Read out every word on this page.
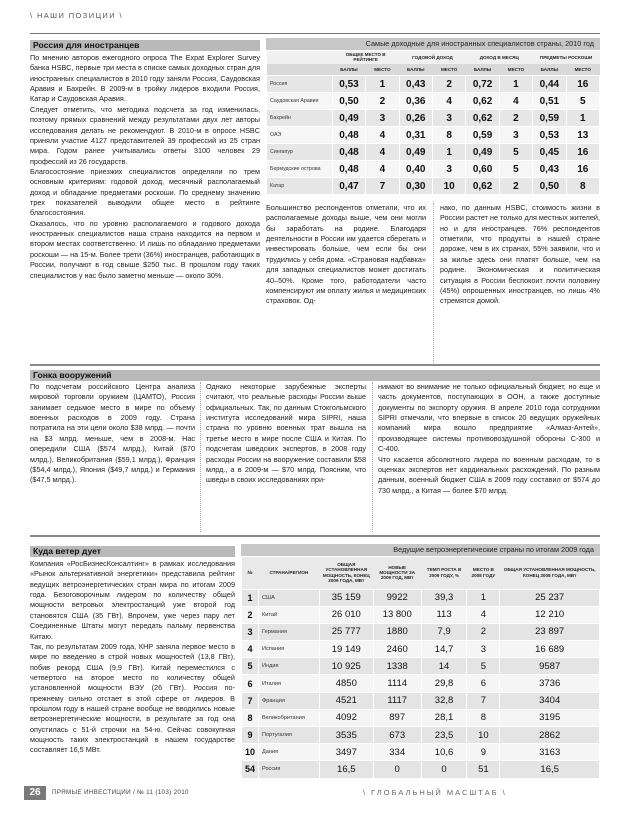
\ НАШИ ПОЗИЦИИ \
Россия для иностранцев

По мнению авторов ежегодного опроса The Expat Explorer Survey банка HSBC, первые три места в списке самых доходных стран для иностранных специалистов в 2010 году заняли Россия, Саудовская Аравия и Бахрейн. В 2009-м в тройку лидеров входили Россия, Катар и Саудовская Аравия.

Следует отметить, что методика подсчета за год изменилась, поэтому прямых сравнений между результатами двух лет авторы исследования делать не рекомендуют. В 2010-м в опросе HSBC приняли участие 4127 представителей 39 профессий из 25 стран мира. Годом ранее учитывались ответы 3100 человек 29 профессий из 26 государств.

Благосостояние приезжих специалистов определяли по трем основным критериям: годовой доход, месячный располагаемый доход и обладание предметами роскоши. По среднему значению трех показателей выводили общее место в рейтинге благосостояния.

Оказалось, что по уровню располагаемого и годового дохода иностранных специалистов наша страна находится на первом и втором местах соответственно. И лишь по обладанию предметами роскоши — на 15-м. Более трети (36%) иностранцев, работающих в России, получают в год свыше $250 тыс. В прошлом году таких специалистов у нас было заметно меньше — около 30%.

Самые доходные для иностранных специалистов страны, 2010 год
	ОБЩЕЕ МЕСТО В РЕЙТИНГЕ		ГОДОВОЙ ДОХОД		ДОХОД В МЕСЯЦ		ПРЕДМЕТЫ РОСКОШИ	
	БАЛЛЫ	МЕСТО	БАЛЛЫ	МЕСТО	БАЛЛЫ	МЕСТО	БАЛЛЫ	МЕСТО
Россия	0,53	1	0,43	2	0,72	1	0,44	16
Саудовская Аравия	0,50	2	0,36	4	0,62	4	0,51	5
Бахрейн	0,49	3	0,26	3	0,62	2	0,59	1
ОАЭ	0,48	4	0,31	8	0,59	3	0,53	13
Сингапур	0,48	4	0,49	1	0,49	5	0,45	16
Бермудские острова	0,48	4	0,40	3	0,60	5	0,43	16
Катар	0,47	7	0,30	10	0,62	2	0,50	8

Большинство респондентов отметили, что их располагаемые доходы выше, чем они могли бы заработать на родине. Благодаря деятельности в России им удается сберегать и инвестировать больше, чем если бы они трудились у себя дома. «Страновая надбавка» для западных специалистов может достигать 40–50%. Кроме того, работодатели часто компенсируют им оплату жилья и медицинских страховок. Од-

нако, по данным HSBC, стоимость жизни в России растет не только для местных жителей, но и для иностранцев. 76% респондентов отметили, что продукты в нашей стране дороже, чем в их странах, 55% заявили, что и за жилье здесь они платят больше, чем на родине. Экономическая и политическая ситуация в России беспокоит почти половину (45%) опрошенных иностранцев, но лишь 4% стремятся домой.

Гонка вооружений

По подсчетам российского Центра анализа мировой торговли оружием (ЦАМТО), Россия занимает седьмое место в мире по объему военных расходов в 2009 году. Страна потратила на эти цели около $38 млрд. — почти на $3 млрд. меньше, чем в 2008-м. Нас опередили США ($574 млрд.), Китай ($70 млрд.), Великобритания ($59,1 млрд.), Франция ($54,4 млрд.), Япония ($49,7 млрд.) и Германия ($47,5 млрд.).

Однако некоторые зарубежные эксперты считают, что реальные расходы России выше официальных. Так, по данным Стокгольмского института исследований мира SIPRI, наша страна по уровню военных трат вышла на третье место в мире после США и Китая. По подсчетам шведских экспертов, в 2008 году расходы России на вооружение составили $58 млрд., а в 2009-м — $70 млрд. Поясним, что шведы в своих исследованиях при-

нимают во внимание не только официальный бюджет, но еще и часть документов, поступающих в ООН, а также доступные документы по экспорту оружия. В апреле 2010 года сотрудники SIPRI отмечали, что впервые в список 20 ведущих оружейных компаний мира вошло предприятие «Алмаз-Антей», производящее системы противовоздушной обороны С-300 и С-400.

Что касается абсолютного лидера по военным расходам, то в оценках экспертов нет кардинальных расхождений. По разным данным, военный бюджет США в 2009 году составил от $574 до 730 млрд., а Китая — более $70 млрд.

Куда ветер дует

Компания «РосБизнесКонсалтинг» в рамках исследования «Рынок альтернативной энергетики» представила рейтинг ведущих ветроэнергетических стран мира по итогам 2009 года. Безоговорочным лидером по количеству общей мощности ветровых электростанций уже второй год становятся США (35 ГВт). Впрочем, уже через пару лет Соединенные Штаты могут передать пальму первенства Китаю.

Так, по результатам 2009 года, КНР заняла первое место в мире по введению в строй новых мощностей (13,8 ГВт), побив рекорд США (9,9 ГВт). Китай переместился с четвертого на второе место по количеству общей установленной мощности ВЭУ (26 ГВт). Россия по-прежнему сильно отстает в этой сфере от лидеров. В прошлом году в нашей стране вообще не вводились новые ветроэнергетические мощности, в результате за год она опустилась с 51-й строчки на 54-ю. Сейчас совокупная мощность таких электростанций в нашем государстве составляет 16,5 МВт.

Ведущие ветроэнергетические страны по итогам 2009 года
№	СТРАНА/РЕГИОН	ОБЩАЯ УСТАНОВЛЕННАЯ МОЩНОСТЬ, КОНЕЦ 2009 ГОДА, МВт	НОВЫЕ МОЩНОСТИ ЗА 2009 ГОД, МВт	ТЕМП РОСТА В 2009 ГОДУ, %	МЕСТО В 2008 ГОДУ	ОБЩАЯ УСТАНОВЛЕННАЯ МОЩНОСТЬ, КОНЕЦ 2008 ГОДА, МВт
1	США	35 159	9922	39,3	1	25 237
2	Китай	26 010	13 800	113	4	12 210
3	Германия	25 777	1880	7,9	2	23 897
4	Испания	19 149	2460	14,7	3	16 689
5	Индия	10 925	1338	14	5	9587
6	Италия	4850	1114	29,8	6	3736
7	Франция	4521	1117	32,8	7	3404
8	Великобритания	4092	897	28,1	8	3195
9	Португалия	3535	673	23,5	10	2862
10	Дания	3497	334	10,6	9	3163
54	Россия	16,5	0	0	51	16,5
26	ПРЯМЫЕ ИНВЕСТИЦИИ / № 11 (103) 2010	\ ГЛОБАЛЬНЫЙ МАСШТАБ \
